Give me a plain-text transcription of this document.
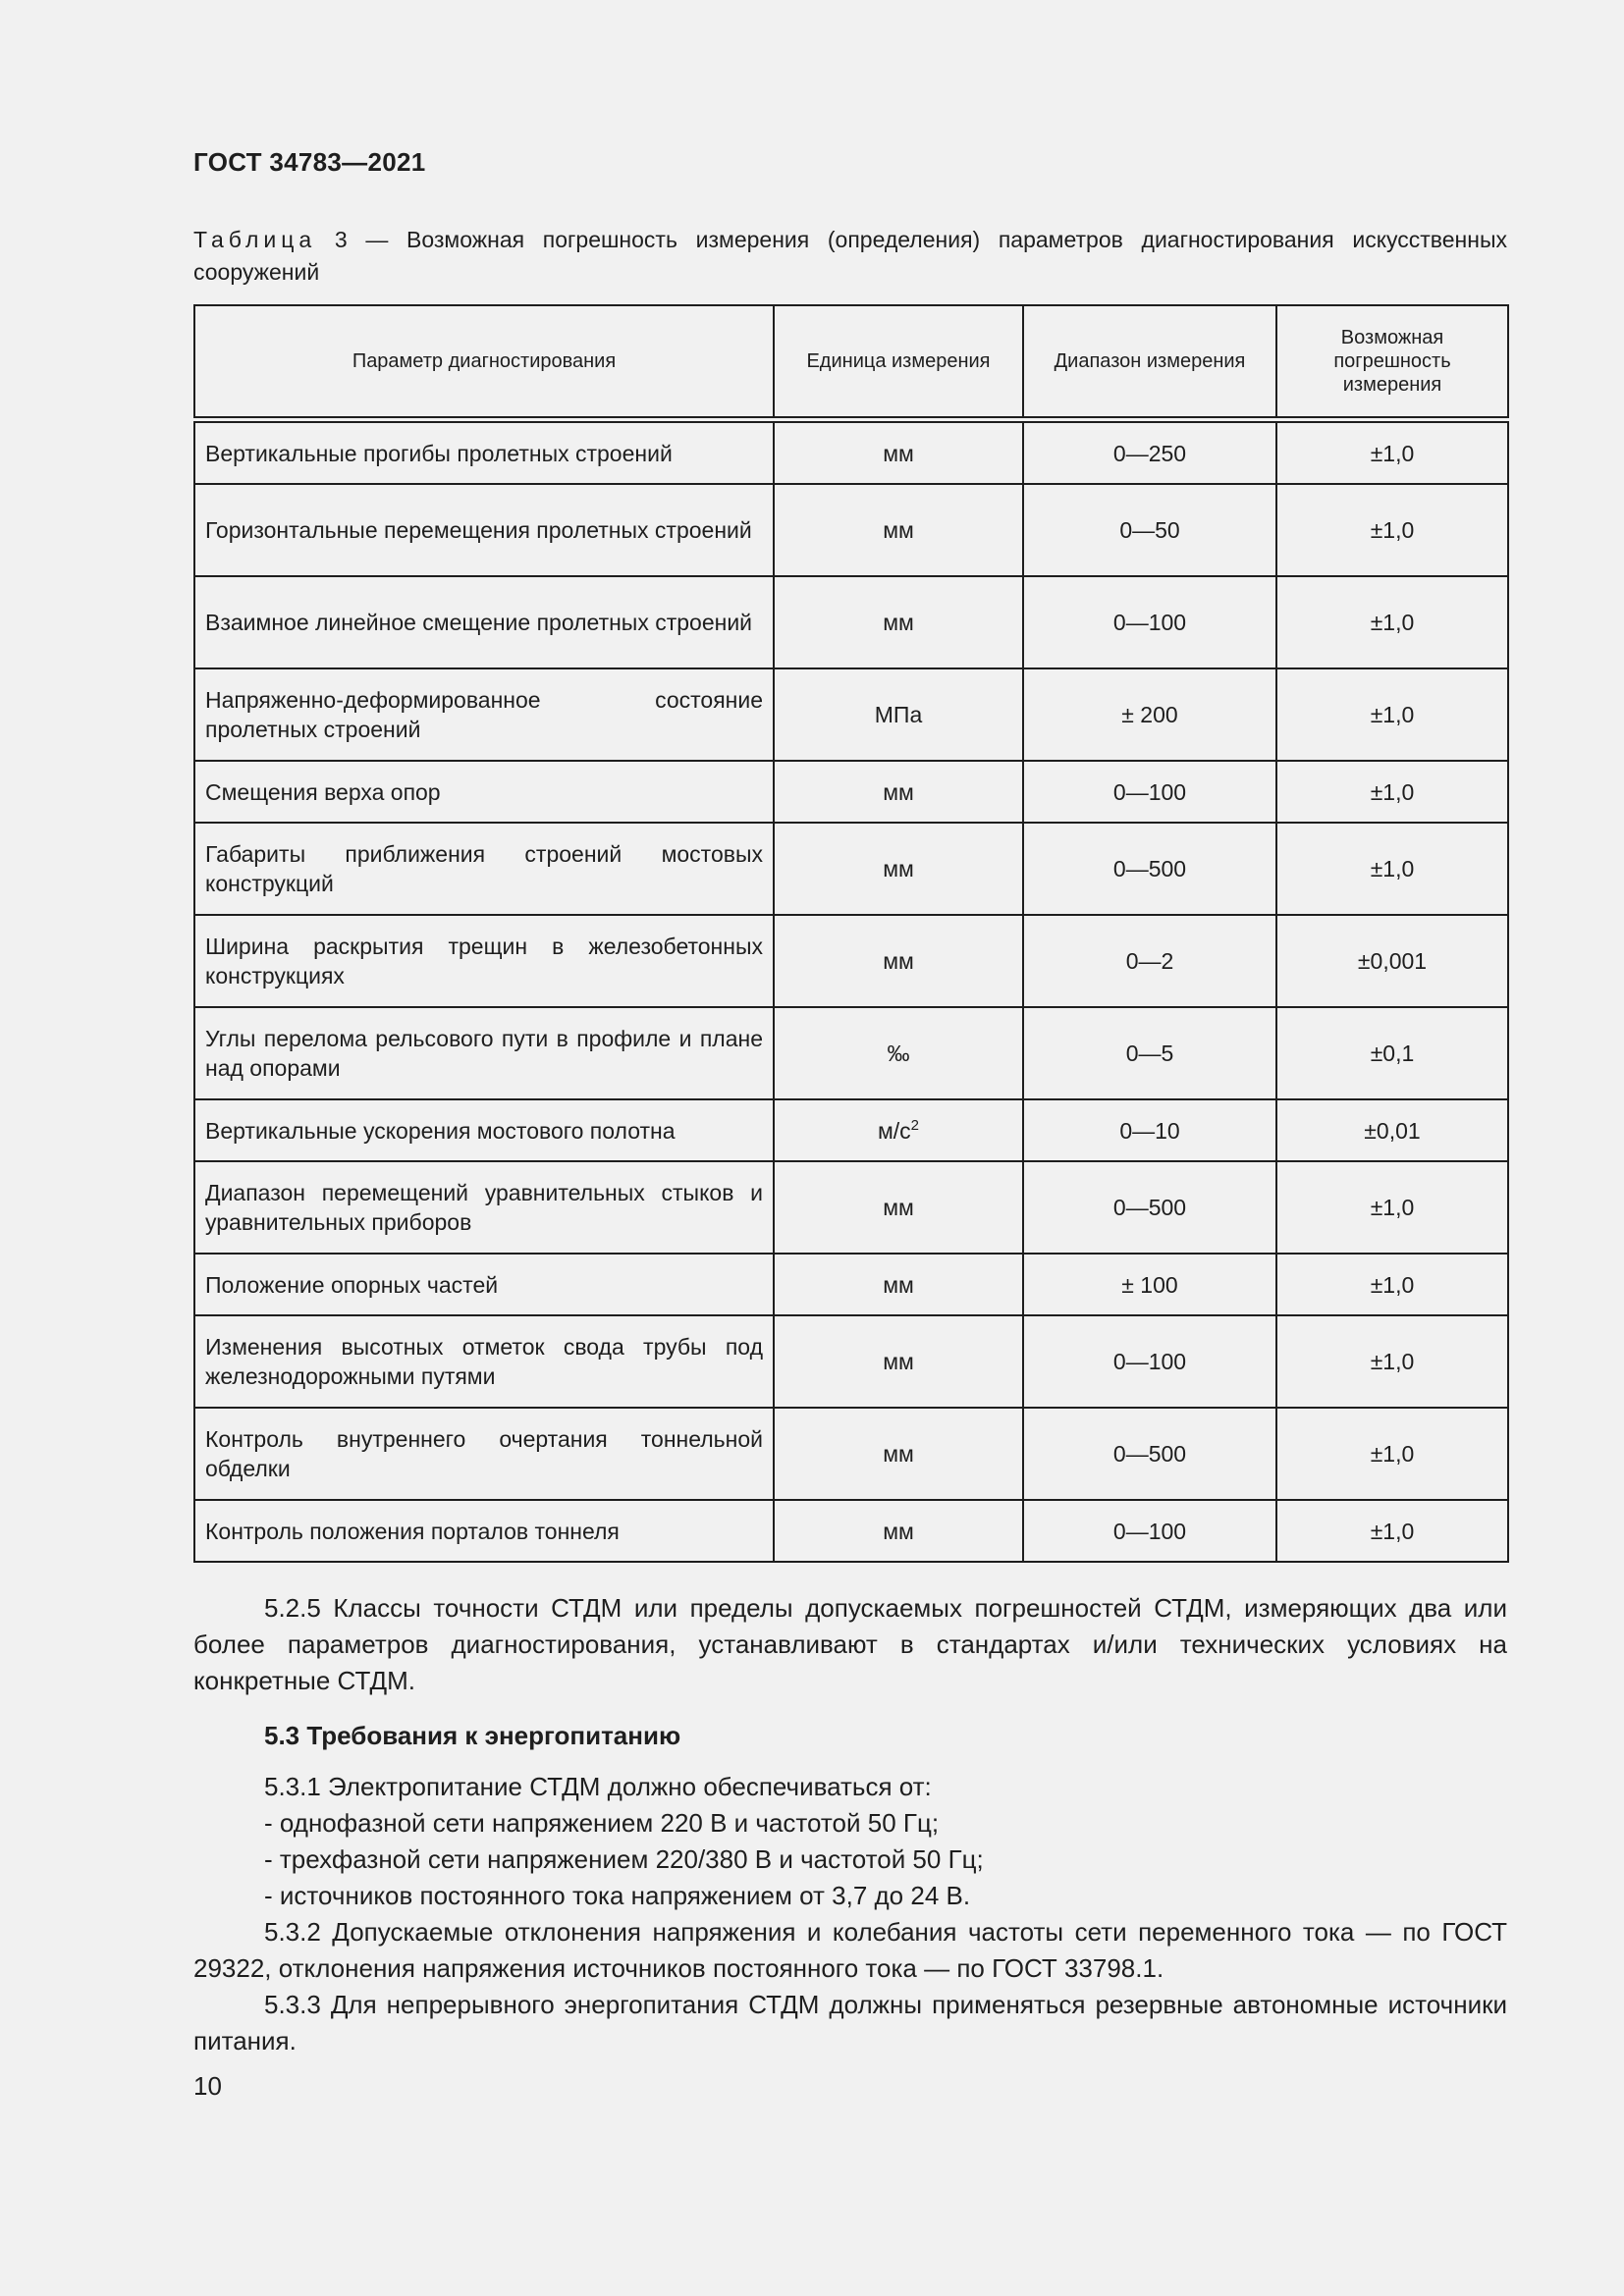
ГОСТ 34783—2021
Таблица 3 — Возможная погрешность измерения (определения) параметров диагностирования искусственных сооружений
Параметр диагностирования	Единица измерения	Диапазон измерения	Возможная погрешность измерения
Вертикальные прогибы пролетных строений	мм	0—250	±1,0
Горизонтальные перемещения пролетных строений	мм	0—50	±1,0
Взаимное линейное смещение пролетных строений	мм	0—100	±1,0
Напряженно-деформированное состояние пролетных строений	МПа	± 200	±1,0
Смещения верха опор	мм	0—100	±1,0
Габариты приближения строений мостовых конструкций	мм	0—500	±1,0
Ширина раскрытия трещин в железобетонных конструкциях	мм	0—2	±0,001
Углы перелома рельсового пути в профиле и плане над опорами	‰	0—5	±0,1
Вертикальные ускорения мостового полотна	$м/с^2$	0—10	±0,01
Диапазон перемещений уравнительных стыков и уравнительных приборов	мм	0—500	±1,0
Положение опорных частей	мм	± 100	±1,0
Изменения высотных отметок свода трубы под железнодорожными путями	мм	0—100	±1,0
Контроль внутреннего очертания тоннельной обделки	мм	0—500	±1,0
Контроль положения порталов тоннеля	мм	0—100	±1,0

5.2.5 Классы точности СТДМ или пределы допускаемых погрешностей СТДМ, измеряющих два или более параметров диагностирования, устанавливают в стандартах и/или технических условиях на конкретные СТДМ.

5.3 Требования к энергопитанию

5.3.1 Электропитание СТДМ должно обеспечиваться от:

- однофазной сети напряжением 220 В и частотой 50 Гц;

- трехфазной сети напряжением 220/380 В и частотой 50 Гц;

- источников постоянного тока напряжением от 3,7 до 24 В.

5.3.2 Допускаемые отклонения напряжения и колебания частоты сети переменного тока — по ГОСТ 29322, отклонения напряжения источников постоянного тока — по ГОСТ 33798.1.

5.3.3 Для непрерывного энергопитания СТДМ должны применяться резервные автономные источники питания.

10
